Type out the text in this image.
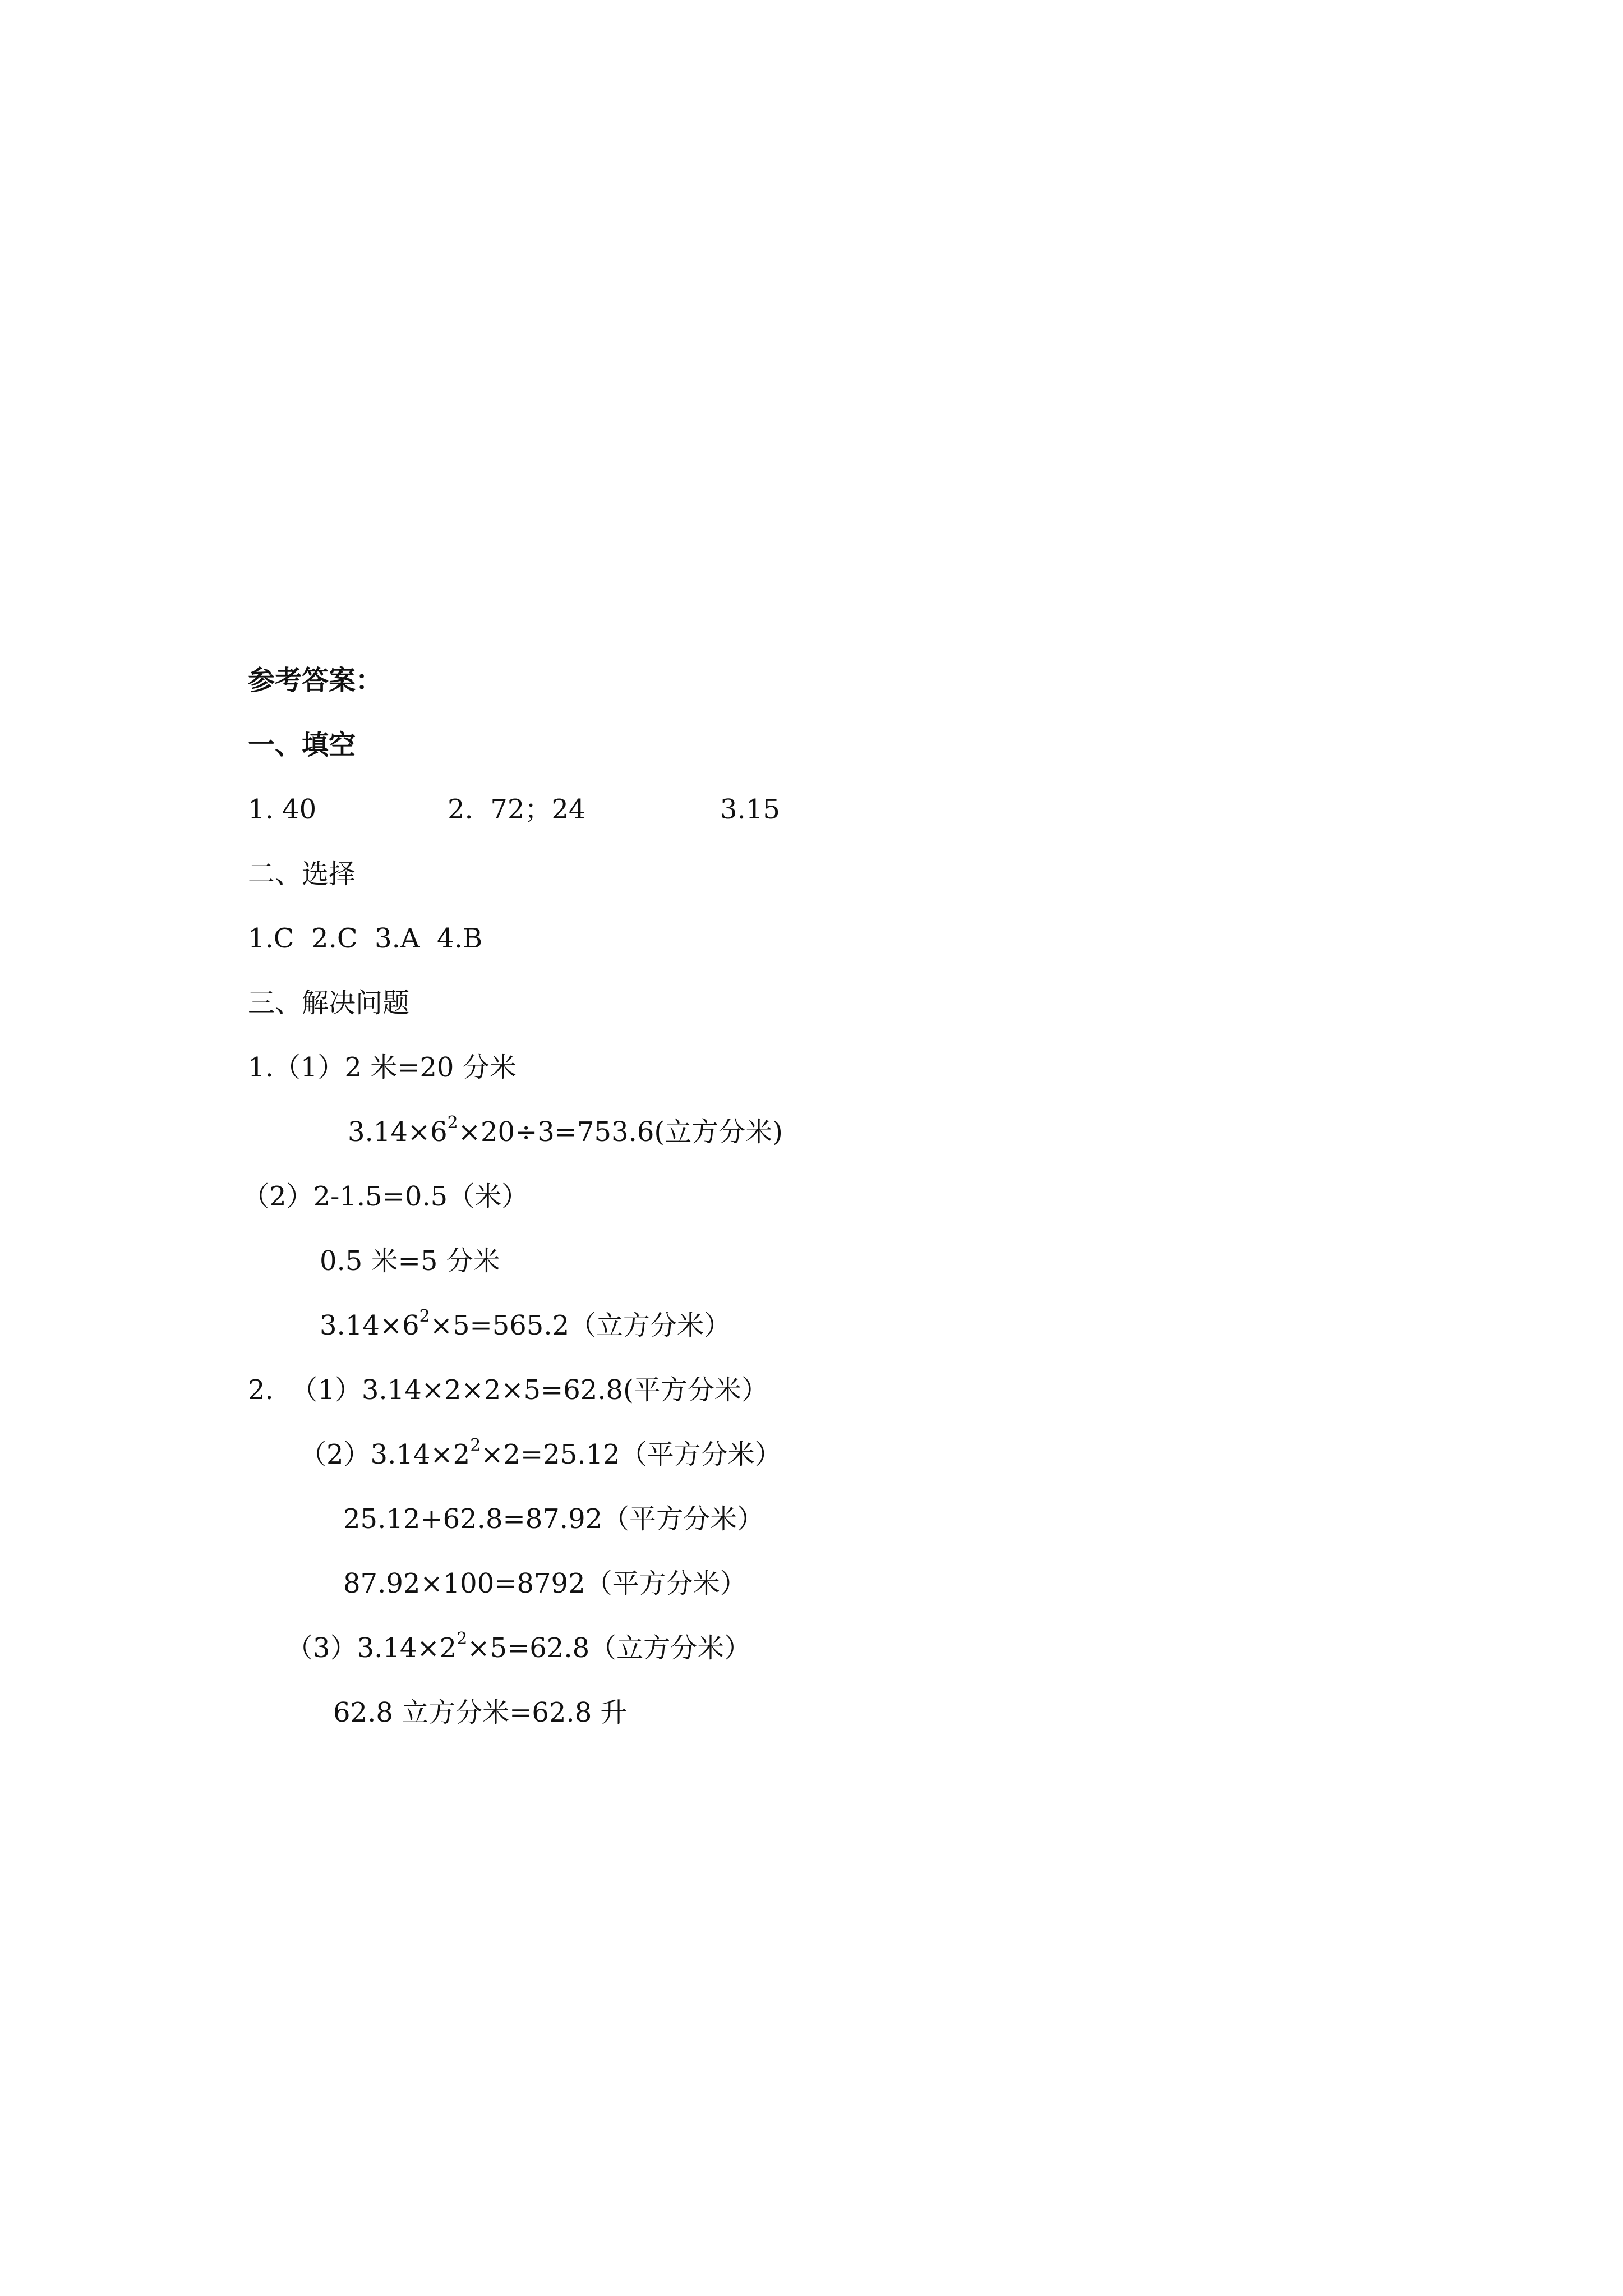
参考答案：

一、填空

1. 40	2.  72；24	3.15

二、选择

1.C  2.C  3.A  4.B

三、解决问题

1.（1）2 米=20 分米

$3.14\times 6^2\times 20\div 3=753.6$(立方分米)

（2）2-1.5=0.5（米）

0.5 米=5 分米

$3.14\times 6^2\times 5=565.2$（立方分米）

2.  （1）3.14×2×2×5=62.8(平方分米）

$(2)3.14\times 2^2\times 2=25.12$（平方分米）

25.12+62.8=87.92（平方分米）

87.92×100=8792（平方分米）

$(3)3.14\times 2^2\times 5=62.8$（立方分米）

62.8 立方分米=62.8 升
